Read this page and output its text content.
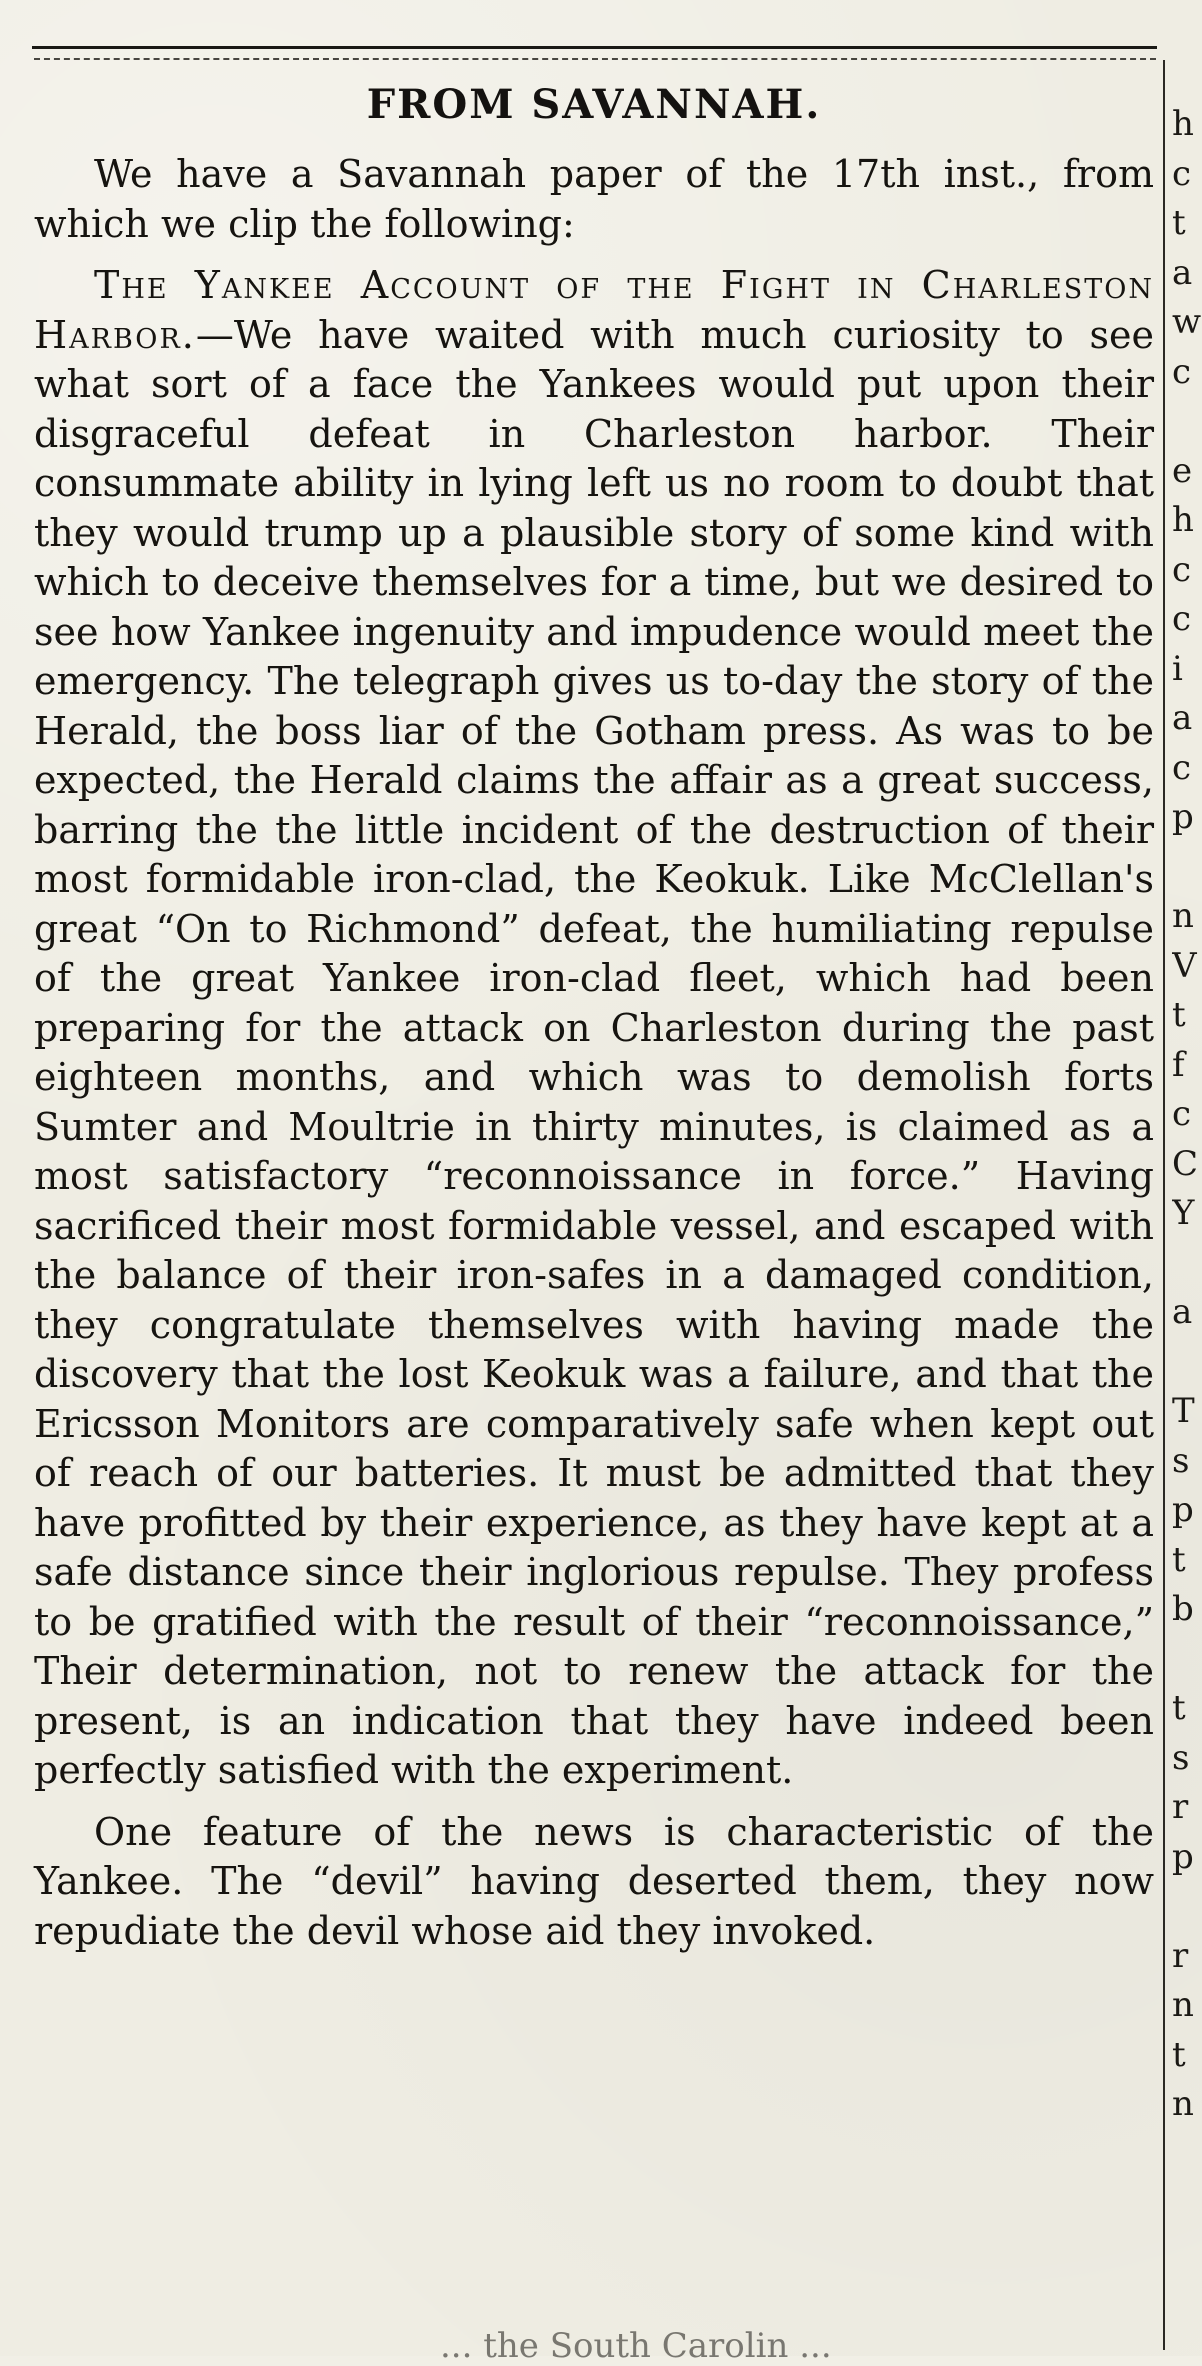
FROM SAVANNAH.

We have a Savannah paper of the 17th inst., from which we clip the following:

The Yankee Account of the Fight in Charleston Harbor.—We have waited with much curiosity to see what sort of a face the Yankees would put upon their disgraceful defeat in Charleston harbor. Their consummate ability in lying left us no room to doubt that they would trump up a plausible story of some kind with which to deceive themselves for a time, but we desired to see how Yankee ingenuity and impudence would meet the emergency. The telegraph gives us to-day the story of the Herald, the boss liar of the Gotham press. As was to be expected, the Herald claims the affair as a great success, barring the the little incident of the destruction of their most formidable iron-clad, the Keokuk. Like McClellan's great “On to Richmond” defeat, the humiliating repulse of the great Yankee iron-clad fleet, which had been preparing for the attack on Charleston during the past eighteen months, and which was to demolish forts Sumter and Moultrie in thirty minutes, is claimed as a most satisfactory “reconnoissance in force.” Having sacrificed their most formidable vessel, and escaped with the balance of their iron-safes in a damaged condition, they congratulate themselves with having made the discovery that the lost Keokuk was a failure, and that the Ericsson Monitors are comparatively safe when kept out of reach of our batteries. It must be admitted that they have profitted by their experience, as they have kept at a safe distance since their inglorious repulse. They profess to be gratified with the result of their “reconnoissance,” Their determination, not to renew the attack for the present, is an indication that they have indeed been perfectly satisfied with the experiment.

One feature of the news is characteristic of the Yankee. The “devil” having deserted them, they now repudiate the devil whose aid they invoked.

h
c
t
a
w
c

e
h
c
c
i
a
c
p

n
V
t
f
c
C
Y

a

T
s
p
t
b

t
s
r
p

r
n
t
n
... the South Carolin ...
